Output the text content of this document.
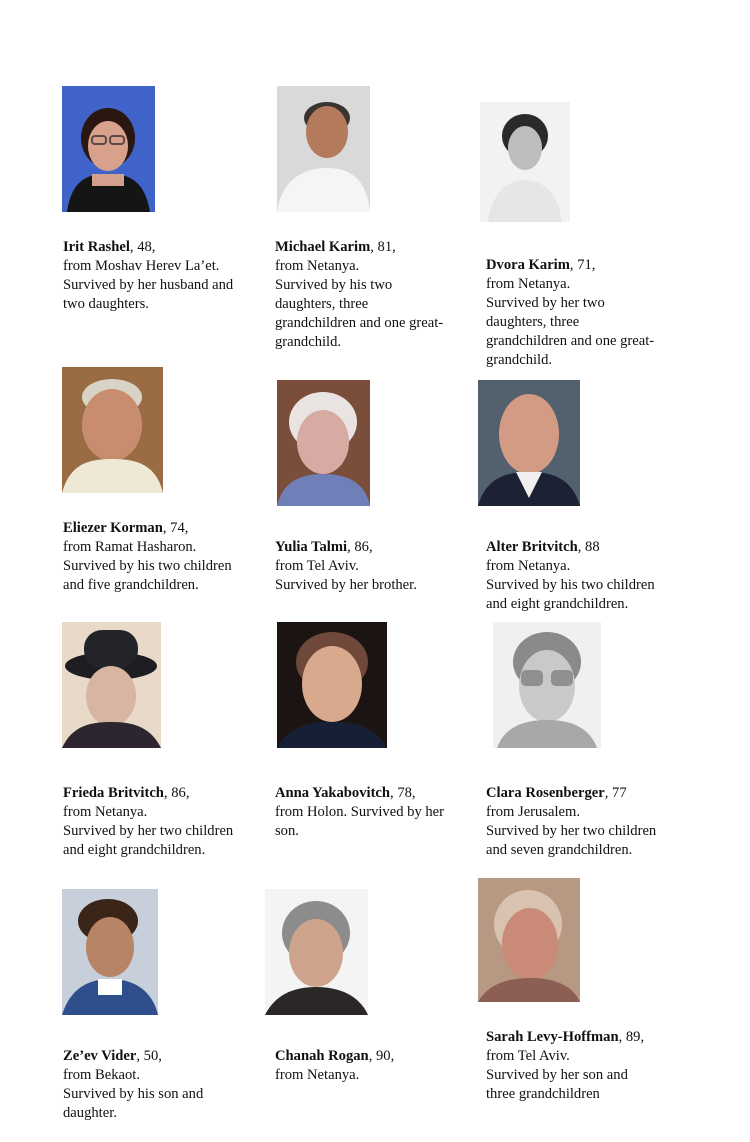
Irit Rashel, 48,

from Moshav Herev La’et.
Survived by her husband and
two daughters.

Michael Karim, 81,

from Netanya.
Survived by his two
daughters, three
grandchildren and one great-
grandchild.

Dvora Karim, 71,

from Netanya.
Survived by her two
daughters, three
grandchildren and one great-
grandchild.

Eliezer Korman, 74,

from Ramat Hasharon.
Survived by his two children
and five grandchildren.

Yulia Talmi, 86,

from Tel Aviv.
Survived by her brother.

Alter Britvitch, 88

from Netanya.
Survived by his two children
and eight grandchildren.

Frieda Britvitch, 86,

from Netanya.
Survived by her two children
and eight grandchildren.

Anna Yakabovitch, 78,

from Holon. Survived by her
son.

Clara Rosenberger, 77

from Jerusalem.
Survived by her two children
and seven grandchildren.

Ze’ev Vider, 50,

from Bekaot.
Survived by his son and
daughter.

Chanah Rogan, 90,

from Netanya.

Sarah Levy-Hoffman, 89,

from Tel Aviv.
Survived by her son and
three grandchildren
